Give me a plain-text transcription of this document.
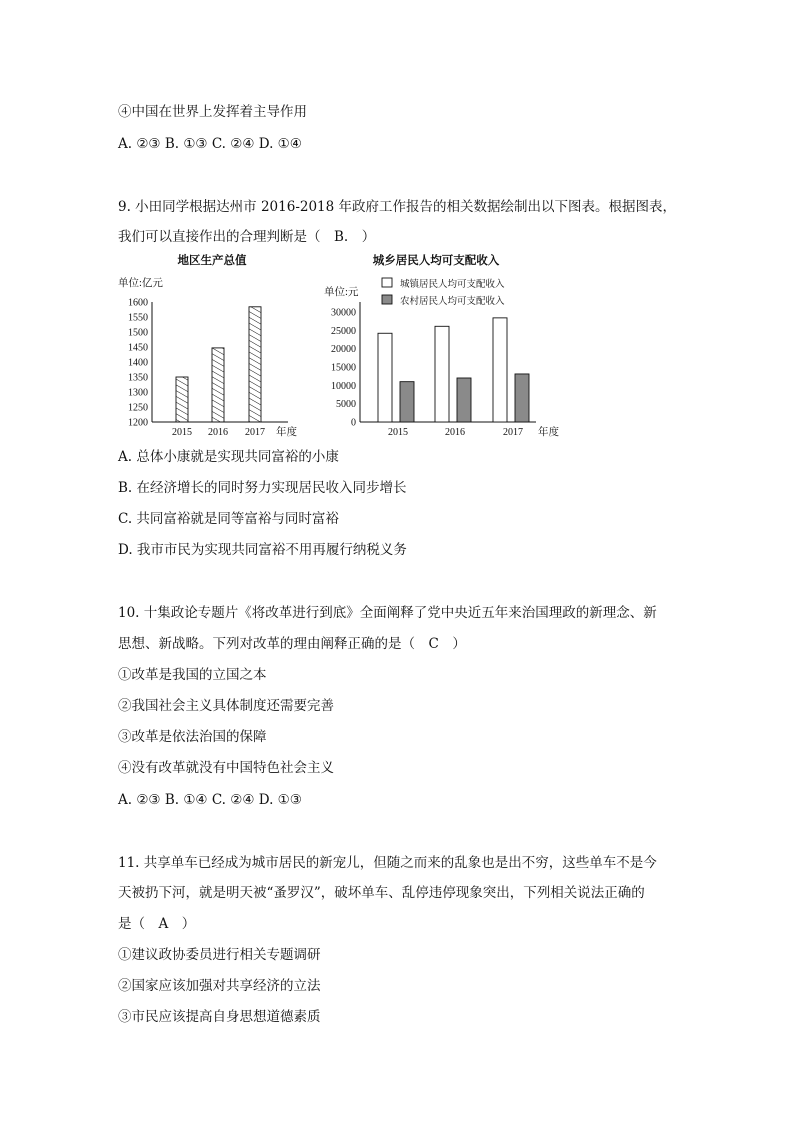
④中国在世界上发挥着主导作用
A. ②③ B. ①③ C. ②④ D. ①④
9. 小田同学根据达州市 2016-2018 年政府工作报告的相关数据绘制出以下图表。根据图表，
我们可以直接作出的合理判断是（　B.　）
地区生产总值
单位:亿元
1200
1250
1300
1350
1400
1450
1500
1550
1600
2015 2016 2017 年度
城乡居民人均可支配收入
城镇居民人均可支配收入
农村居民人均可支配收入
单位:元
0
5000
10000
15000
20000
25000
30000
2015	2016	2017 年度
A. 总体小康就是实现共同富裕的小康
B. 在经济增长的同时努力实现居民收入同步增长
C. 共同富裕就是同等富裕与同时富裕
D. 我市市民为实现共同富裕不用再履行纳税义务
10. 十集政论专题片《将改革进行到底》全面阐释了党中央近五年来治国理政的新理念、新
思想、新战略。下列对改革的理由阐释正确的是（　C　）
①改革是我国的立国之本
②我国社会主义具体制度还需要完善
③改革是依法治国的保障
④没有改革就没有中国特色社会主义
A. ②③ B. ①④ C. ②④ D. ①③
11. 共享单车已经成为城市居民的新宠儿，但随之而来的乱象也是出不穷，这些单车不是今
天被扔下河，就是明天被“蚤罗汉”，破坏单车、乱停违停现象突出，下列相关说法正确的
是（　A　）
①建议政协委员进行相关专题调研
②国家应该加强对共享经济的立法
③市民应该提高自身思想道德素质
